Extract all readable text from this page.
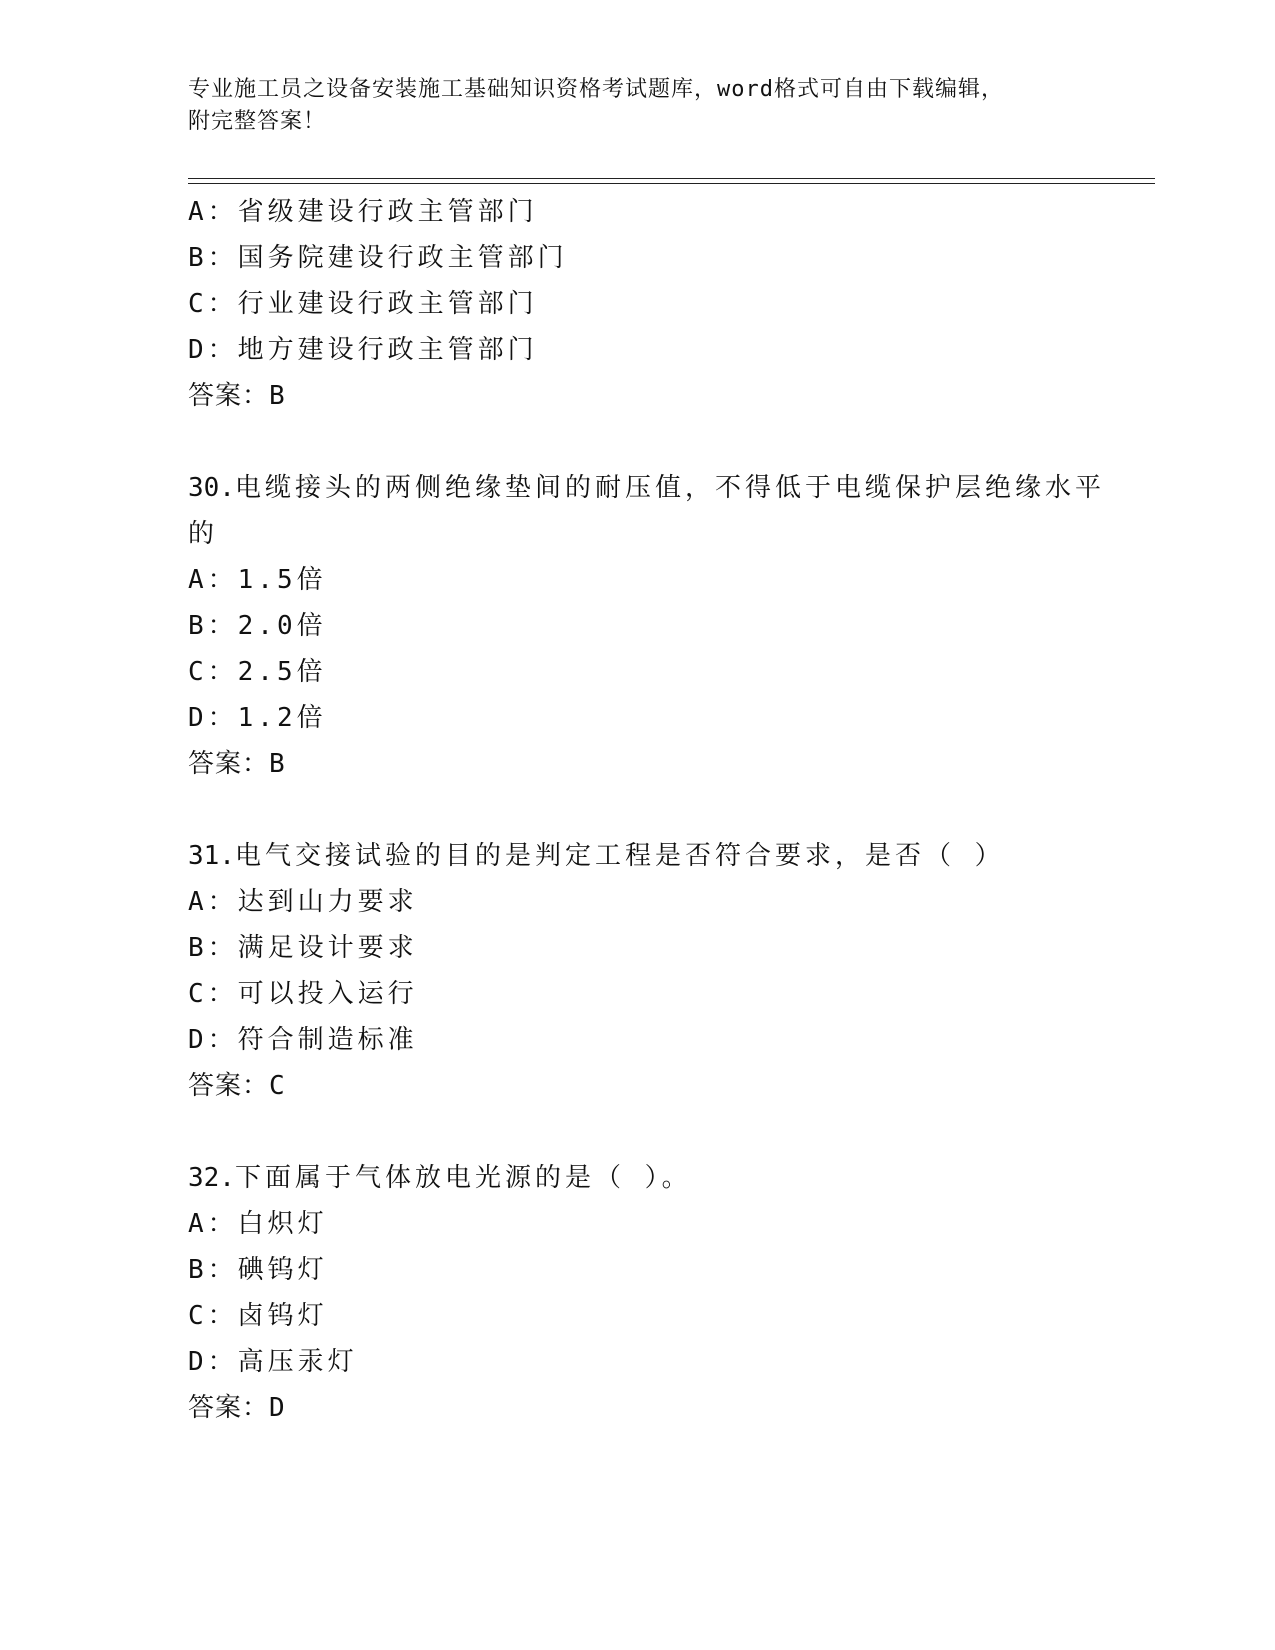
专业施工员之设备安装施工基础知识资格考试题库，word格式可自由下载编辑，
附完整答案！
A：省级建设行政主管部门
B：国务院建设行政主管部门
C：行业建设行政主管部门
D：地方建设行政主管部门
答案：B
30.电缆接头的两侧绝缘垫间的耐压值，不得低于电缆保护层绝缘水平
的
A：1.5倍
B：2.0倍
C：2.5倍
D：1.2倍
答案：B
31.电气交接试验的目的是判定工程是否符合要求，是否（ ）
A：达到山力要求
B：满足设计要求
C：可以投入运行
D：符合制造标准
答案：C
32.下面属于气体放电光源的是（ ）。
A：白炽灯
B：碘钨灯
C：卤钨灯
D：高压汞灯
答案：D
